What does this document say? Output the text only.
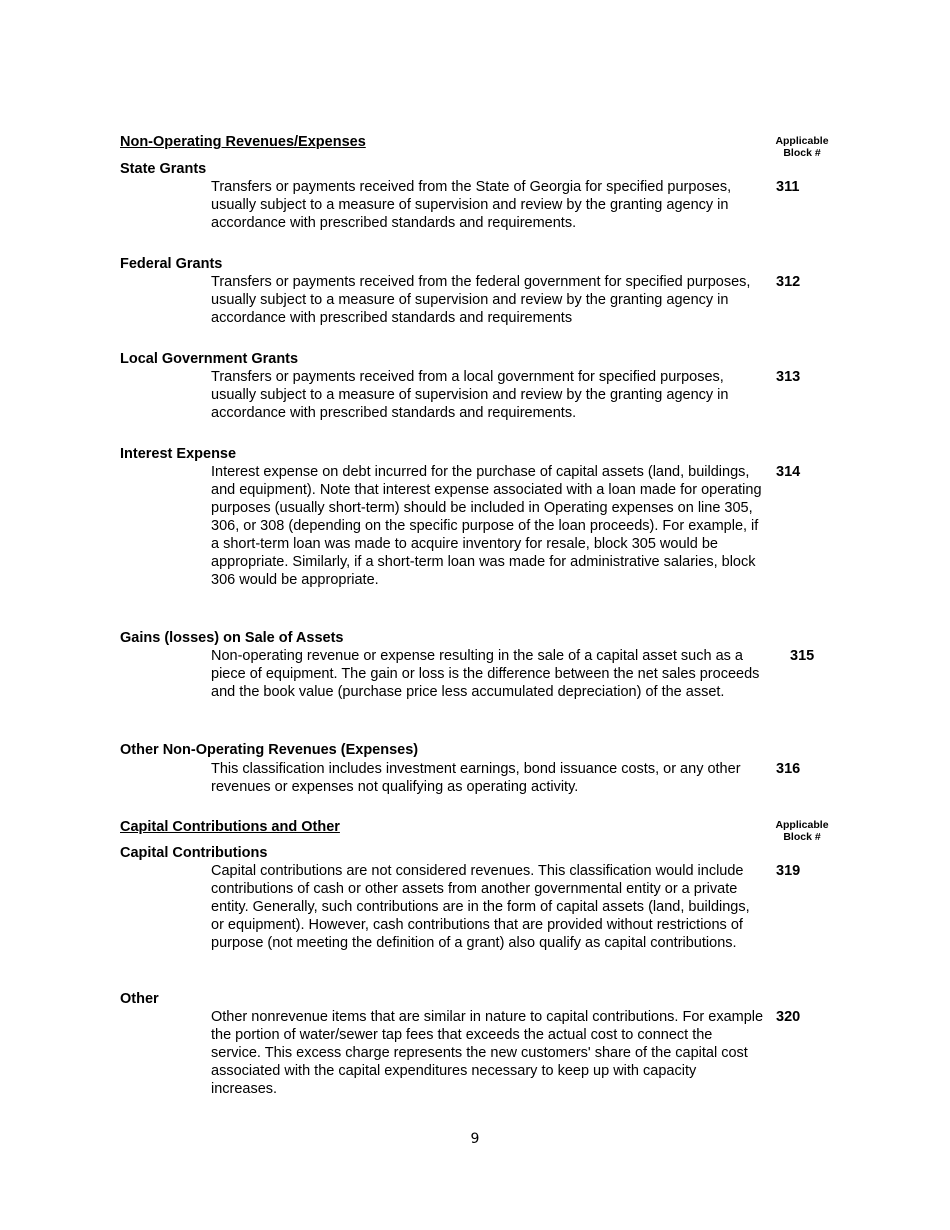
Non-Operating Revenues/Expenses	Applicable
Block #
State Grants
Transfers or payments received from the State of Georgia for specified purposes, usually subject to a measure of supervision and review by the granting agency in accordance with prescribed standards and requirements.
311
Federal Grants
Transfers or payments received from the federal government for specified purposes, usually subject to a measure of supervision and review by the granting agency in accordance with prescribed standards and requirements
312
Local Government Grants
Transfers or payments received from a local government for specified purposes, usually subject to a measure of supervision and review by the granting agency in accordance with prescribed standards and requirements.
313
Interest Expense
Interest expense on debt incurred for the purchase of capital assets (land, buildings, and equipment). Note that interest expense associated with a loan made for operating purposes (usually short-term) should be included in Operating expenses on line 305, 306, or 308 (depending on the specific purpose of the loan proceeds). For example, if a short-term loan was made to acquire inventory for resale, block 305 would be appropriate. Similarly, if a short-term loan was made for administrative salaries, block 306 would be appropriate.
314
Gains (losses) on Sale of Assets
Non-operating revenue or expense resulting in the sale of a capital asset such as a piece of equipment. The gain or loss is the difference between the net sales proceeds and the book value (purchase price less accumulated depreciation) of the asset.
315
Other Non-Operating Revenues (Expenses)
This classification includes investment earnings, bond issuance costs, or any other revenues or expenses not qualifying as operating activity.
316
Capital Contributions and Other	Applicable
Block #
Capital Contributions
Capital contributions are not considered revenues. This classification would include contributions of cash or other assets from another governmental entity or a private entity. Generally, such contributions are in the form of capital assets (land, buildings, or equipment). However, cash contributions that are provided without restrictions of purpose (not meeting the definition of a grant) also qualify as capital contributions.
319
Other
Other nonrevenue items that are similar in nature to capital contributions. For example the portion of water/sewer tap fees that exceeds the actual cost to connect the service. This excess charge represents the new customers' share of the capital cost associated with the capital expenditures necessary to keep up with capacity increases.
320
9
